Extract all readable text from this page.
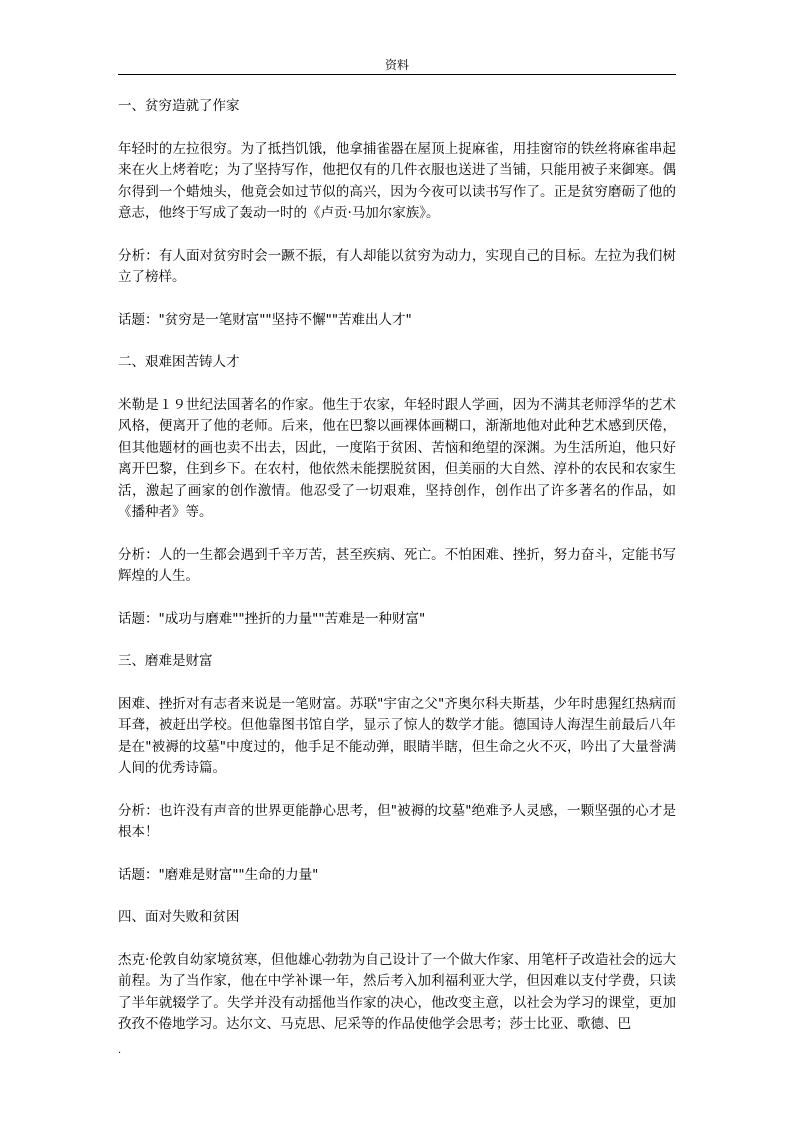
资料

一、贫穷造就了作家

年轻时的左拉很穷。为了抵挡饥饿，他拿捕雀器在屋顶上捉麻雀，用挂窗帘的铁丝将麻雀串起来在火上烤着吃；为了坚持写作，他把仅有的几件衣服也送进了当铺，只能用被子来御寒。偶尔得到一个蜡烛头，他竟会如过节似的高兴，因为今夜可以读书写作了。正是贫穷磨砺了他的意志，他终于写成了轰动一时的《卢贡·马加尔家族》。

分析：有人面对贫穷时会一蹶不振，有人却能以贫穷为动力，实现自己的目标。左拉为我们树立了榜样。

话题："贫穷是一笔财富""坚持不懈""苦难出人才"

二、艰难困苦铸人才

米勒是１９世纪法国著名的作家。他生于农家，年轻时跟人学画，因为不满其老师浮华的艺术风格，便离开了他的老师。后来，他在巴黎以画裸体画糊口，渐渐地他对此种艺术感到厌倦，但其他题材的画也卖不出去，因此，一度陷于贫困、苦恼和绝望的深渊。为生活所迫，他只好离开巴黎，住到乡下。在农村，他依然未能摆脱贫困，但美丽的大自然、淳朴的农民和农家生活，激起了画家的创作激情。他忍受了一切艰难，坚持创作，创作出了许多著名的作品，如《播种者》等。

分析：人的一生都会遇到千辛万苦，甚至疾病、死亡。不怕困难、挫折，努力奋斗，定能书写辉煌的人生。

话题："成功与磨难""挫折的力量""苦难是一种财富"

三、磨难是财富

困难、挫折对有志者来说是一笔财富。苏联"宇宙之父"齐奥尔科夫斯基，少年时患猩红热病而耳聋，被赶出学校。但他靠图书馆自学，显示了惊人的数学才能。德国诗人海涅生前最后八年是在"被褥的坟墓"中度过的，他手足不能动弹，眼睛半瞎，但生命之火不灭，吟出了大量誉满人间的优秀诗篇。

分析：也许没有声音的世界更能静心思考，但"被褥的坟墓"绝难予人灵感，一颗坚强的心才是根本！

话题："磨难是财富""生命的力量"

四、面对失败和贫困

杰克·伦敦自幼家境贫寒，但他雄心勃勃为自己设计了一个做大作家、用笔杆子改造社会的远大前程。为了当作家，他在中学补课一年，然后考入加利福利亚大学，但因难以支付学费，只读了半年就辍学了。失学并没有动摇他当作家的决心，他改变主意，以社会为学习的课堂，更加孜孜不倦地学习。达尔文、马克思、尼采等的作品使他学会思考；莎士比亚、歌德、巴

.
